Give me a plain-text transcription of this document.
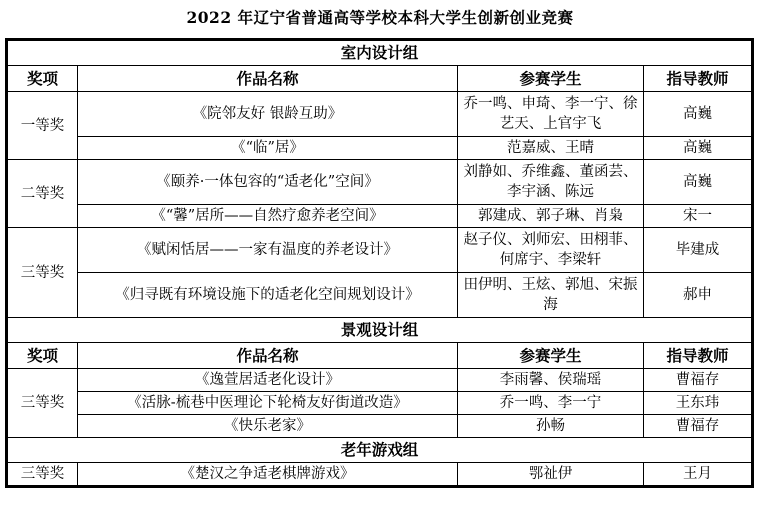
2022 年辽宁省普通高等学校本科大学生创新创业竞赛
室内设计组			
奖项	作品名称	参赛学生	指导教师
一等奖	《院邻友好 银龄互助》	乔一鸣、申琦、李一宁、徐艺天、上官宇飞	高巍
	《“临”居》	范嘉威、王晴	高巍
二等奖	《颐养·一体包容的“适老化”空间》	刘静如、乔维鑫、董函芸、李宇涵、陈远	高巍
	《“馨”居所——自然疗愈养老空间》	郭建成、郭子琳、肖枭	宋一
三等奖	《赋闲恬居——一家有温度的养老设计》	赵子仪、刘师宏、田栩菲、何席宇、李梁轩	毕建成
	《归寻既有环境设施下的适老化空间规划设计》	田伊明、王炫、郭旭、宋振海	郝申
景观设计组			
奖项	作品名称	参赛学生	指导教师
三等奖	《逸萱居适老化设计》	李雨馨、侯瑞瑶	曹福存
	《活脉-梳巷中医理论下轮椅友好街道改造》	乔一鸣、李一宁	王东玮
	《快乐老家》	孙畅	曹福存
老年游戏组			
三等奖	《楚汉之争适老棋牌游戏》	鄂祉伊	王月
